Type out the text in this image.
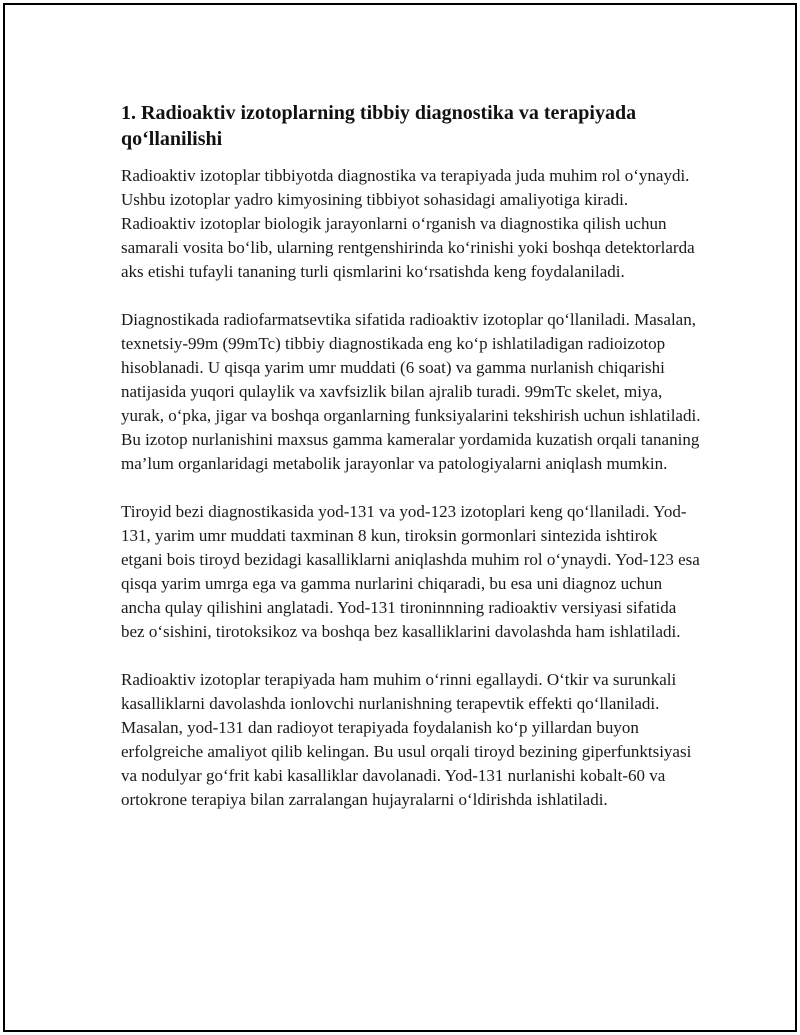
1. Radioaktiv izotoplarning tibbiy diagnostika va terapiyada qo‘llanilishi

Radioaktiv izotoplar tibbiyotda diagnostika va terapiyada juda muhim rol o‘ynaydi. Ushbu izotoplar yadro kimyosining tibbiyot sohasidagi amaliyotiga kiradi. Radioaktiv izotoplar biologik jarayonlarni o‘rganish va diagnostika qilish uchun samarali vosita bo‘lib, ularning rentgenshirinda ko‘rinishi yoki boshqa detektorlarda aks etishi tufayli tananing turli qismlarini ko‘rsatishda keng foydalaniladi.

Diagnostikada radiofarmatsevtika sifatida radioaktiv izotoplar qo‘llaniladi. Masalan, texnetsiy-99m (99mTc) tibbiy diagnostikada eng ko‘p ishlatiladigan radioizotop hisoblanadi. U qisqa yarim umr muddati (6 soat) va gamma nurlanish chiqarishi natijasida yuqori qulaylik va xavfsizlik bilan ajralib turadi. 99mTc skelet, miya, yurak, o‘pka, jigar va boshqa organlarning funksiyalarini tekshirish uchun ishlatiladi. Bu izotop nurlanishini maxsus gamma kameralar yordamida kuzatish orqali tananing ma’lum organlaridagi metabolik jarayonlar va patologiyalarni aniqlash mumkin.

Tiroyid bezi diagnostikasida yod-131 va yod-123 izotoplari keng qo‘llaniladi. Yod-131, yarim umr muddati taxminan 8 kun, tiroksin gormonlari sintezida ishtirok etgani bois tiroyd bezidagi kasalliklarni aniqlashda muhim rol o‘ynaydi. Yod-123 esa qisqa yarim umrga ega va gamma nurlarini chiqaradi, bu esa uni diagnoz uchun ancha qulay qilishini anglatadi. Yod-131 tironinnning radioaktiv versiyasi sifatida bez o‘sishini, tirotoksikoz va boshqa bez kasalliklarini davolashda ham ishlatiladi.

Radioaktiv izotoplar terapiyada ham muhim o‘rinni egallaydi. O‘tkir va surunkali kasalliklarni davolashda ionlovchi nurlanishning terapevtik effekti qo‘llaniladi. Masalan, yod-131 dan radioyot terapiyada foydalanish ko‘p yillardan buyon erfolgreiche amaliyot qilib kelingan. Bu usul orqali tiroyd bezining giperfunktsiyasi va nodulyar go‘frit kabi kasalliklar davolanadi. Yod-131 nurlanishi kobalt-60 va ortokrone terapiya bilan zarralangan hujayralarni o‘ldirishda ishlatiladi.
